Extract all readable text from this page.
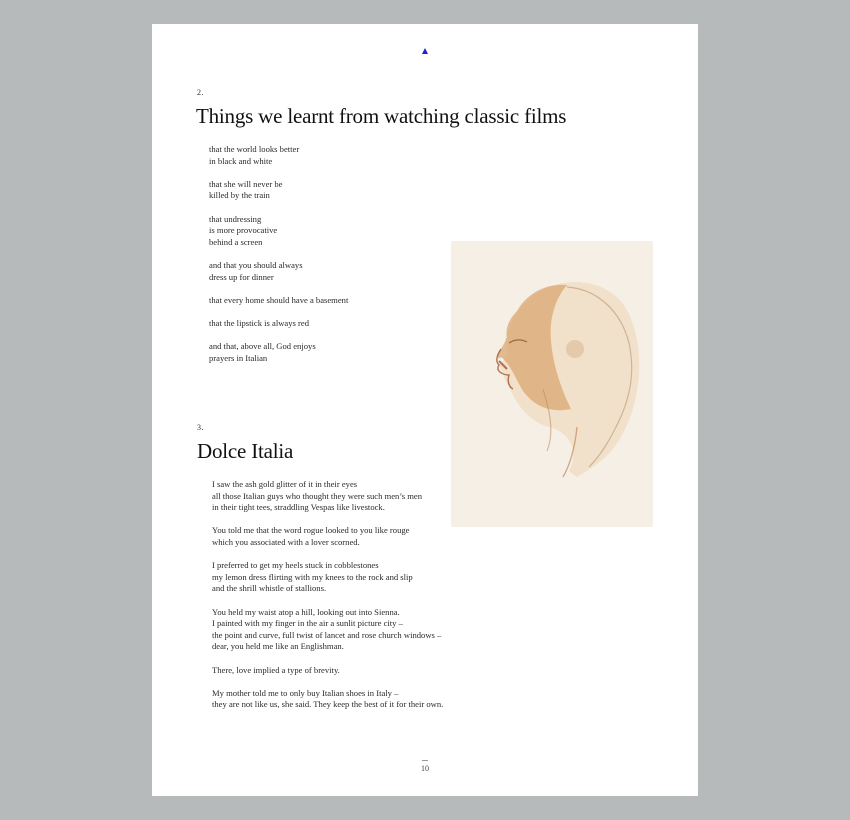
2.
Things we learnt from watching classic films
that the world looks better
in black and white
that she will never be
killed by the train
that undressing
is more provocative
behind a screen
and that you should always
dress up for dinner
that every home should have a basement
that the lipstick is always red
and that, above all, God enjoys
prayers in Italian
3.
Dolce Italia
I saw the ash gold glitter of it in their eyes
all those Italian guys who thought they were such men’s men
in their tight tees, straddling Vespas like livestock.
You told me that the word rogue looked to you like rouge
which you associated with a lover scorned.
I preferred to get my heels stuck in cobblestones
my lemon dress flirting with my knees to the rock and slip
and the shrill whistle of stallions.
You held my waist atop a hill, looking out into Sienna.
I painted with my finger in the air a sunlit picture city –
the point and curve, full twist of lancet and rose church windows –
dear, you held me like an Englishman.
There, love implied a type of brevity.
My mother told me to only buy Italian shoes in Italy –
they are not like us, she said. They keep the best of it for their own.
10
